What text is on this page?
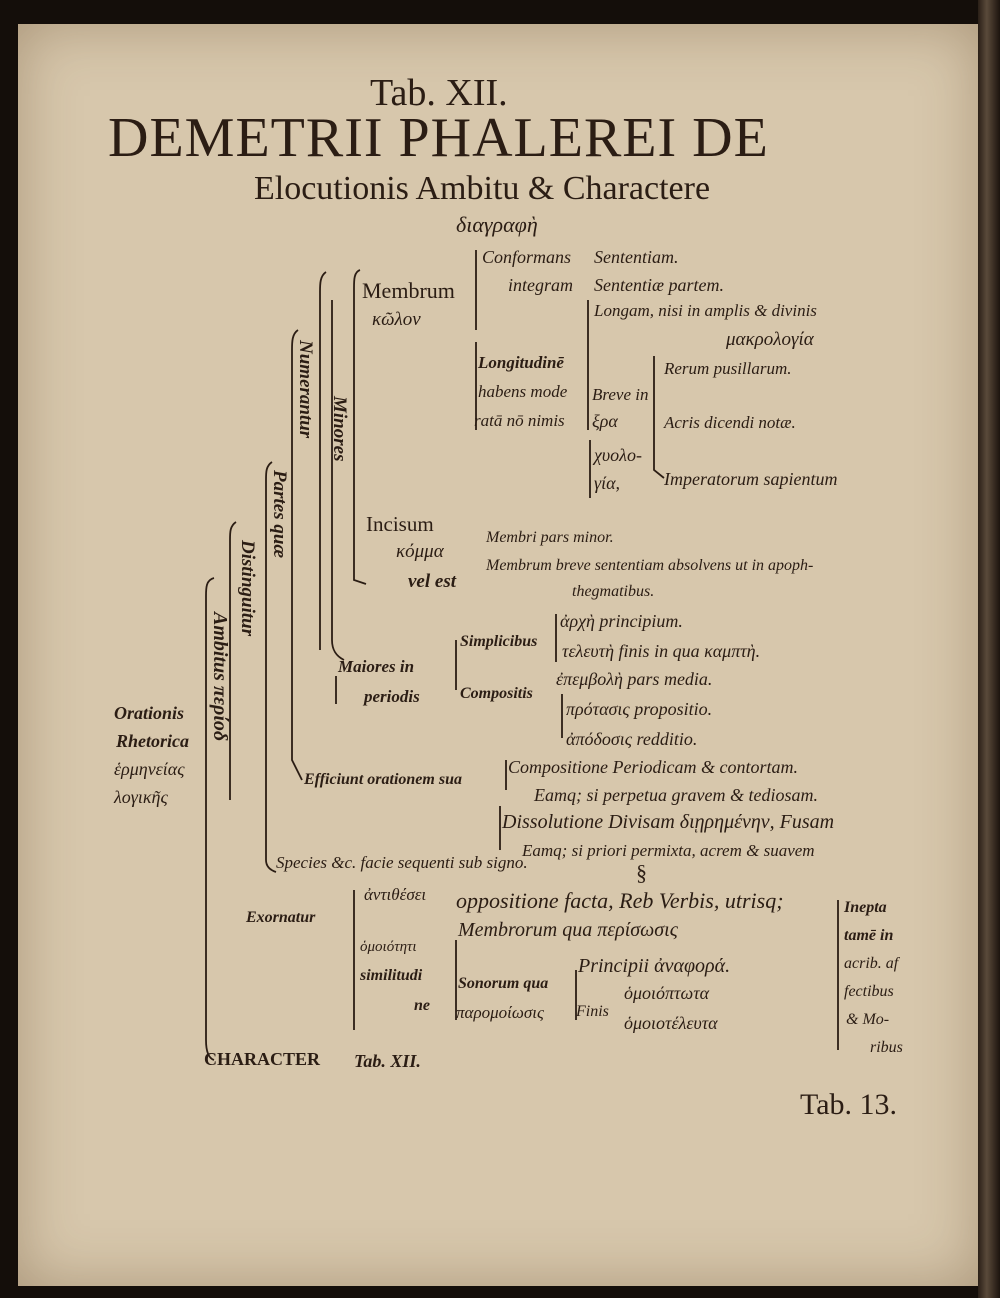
Tab. XII.
DEMETRII PHALEREI DE
Elocutionis Ambitu & Charactere
Orationis
Rhetorica
ἑρμηνείας
λογικῆς
Ambitus περίοδ
Distinguitur
Partes quæ
Numerantur Minores
διαγραφὴ
Membrum
κῶλον
Conformans
integram
Sententiam.
Sententiæ partem.
Longitudinē
habens mode
ratā nō nimis
Longam, nisi in amplis & divinis
μακρολογία
Breve in
ξρα
χυολο-
γία,
Rerum pusillarum.
Acris dicendi notæ.
Imperatorum sapientum
Incisum
κόμμα
vel est
Membri pars minor.
Membrum breve sententiam absolvens ut in apoph-
thegmatibus.
Maiores in
periodis
Simplicibus
Compositis
ἀρχὴ principium.
τελευτὴ finis in qua καμπτὴ.
ἐπεμβολὴ pars media.
πρότασις propositio.
ἀπόδοσις redditio.
Efficiunt orationem sua
Compositione Periodicam & contortam.
Eamq; si perpetua gravem & tediosam.
Dissolutione Divisam διῃρημένην, Fusam
Eamq; si priori permixta, acrem & suavem
Species &c. facie sequenti sub signo.	§
Exornatur
ἀντιθέσει oppositione facta, Reb Verbis, utrisq;
ὁμοιότητι
similitudi
ne
Membrorum qua περίσωσις
Sonorum qua
παρομοίωσις
Principii ἀναφορά.
Finis
ὁμοιόπτωτα
ὁμοιοτέλευτα
Inepta
tamē in
acrib. af
fectibus
& Mo-
ribus
CHARACTER Tab. XII.
Tab. 13.
